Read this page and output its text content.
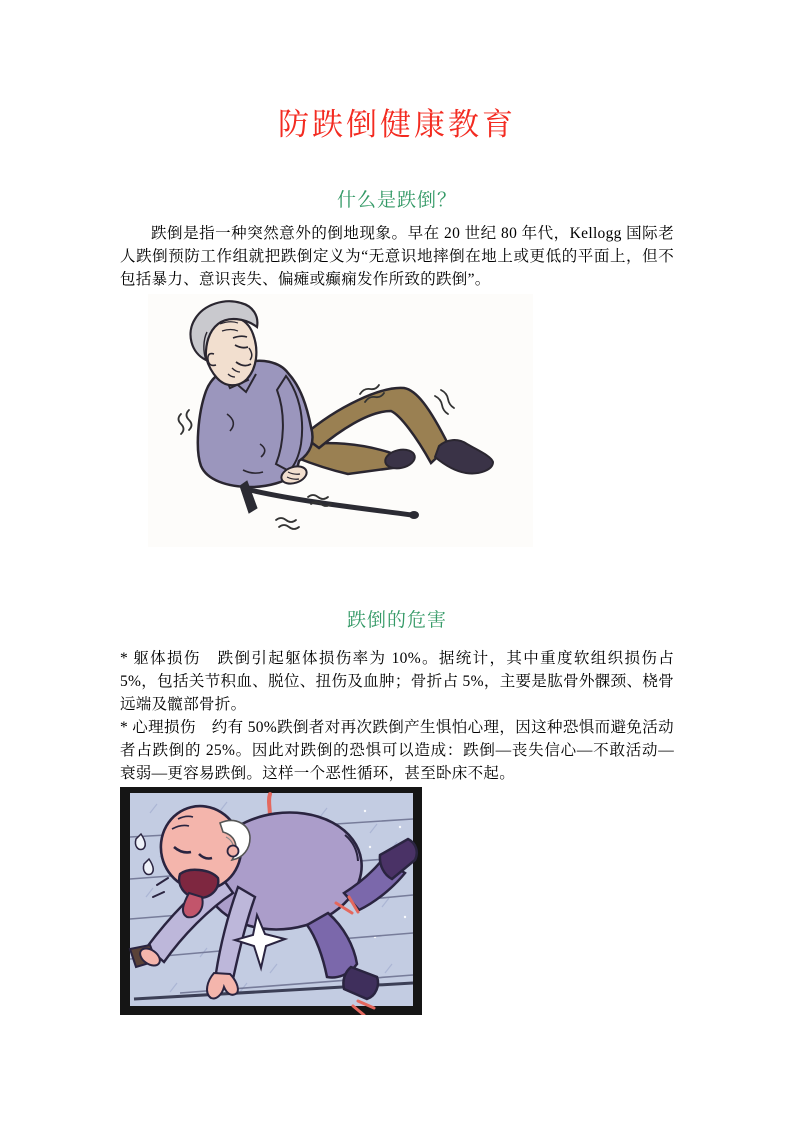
防跌倒健康教育
什么是跌倒？

跌倒是指一种突然意外的倒地现象。早在 20 世纪 80 年代，Kellogg 国际老人跌倒预防工作组就把跌倒定义为“无意识地摔倒在地上或更低的平面上，但不包括暴力、意识丧失、偏瘫或癫痫发作所致的跌倒”。

跌倒的危害

* 躯体损伤　跌倒引起躯体损伤率为 10%。据统计，其中重度软组织损伤占 5%，包括关节积血、脱位、扭伤及血肿；骨折占 5%，主要是肱骨外髁颈、桡骨远端及髋部骨折。

* 心理损伤　约有 50%跌倒者对再次跌倒产生惧怕心理，因这种恐惧而避免活动者占跌倒的 25%。因此对跌倒的恐惧可以造成：跌倒—丧失信心—不敢活动—衰弱—更容易跌倒。这样一个恶性循环，甚至卧床不起。
